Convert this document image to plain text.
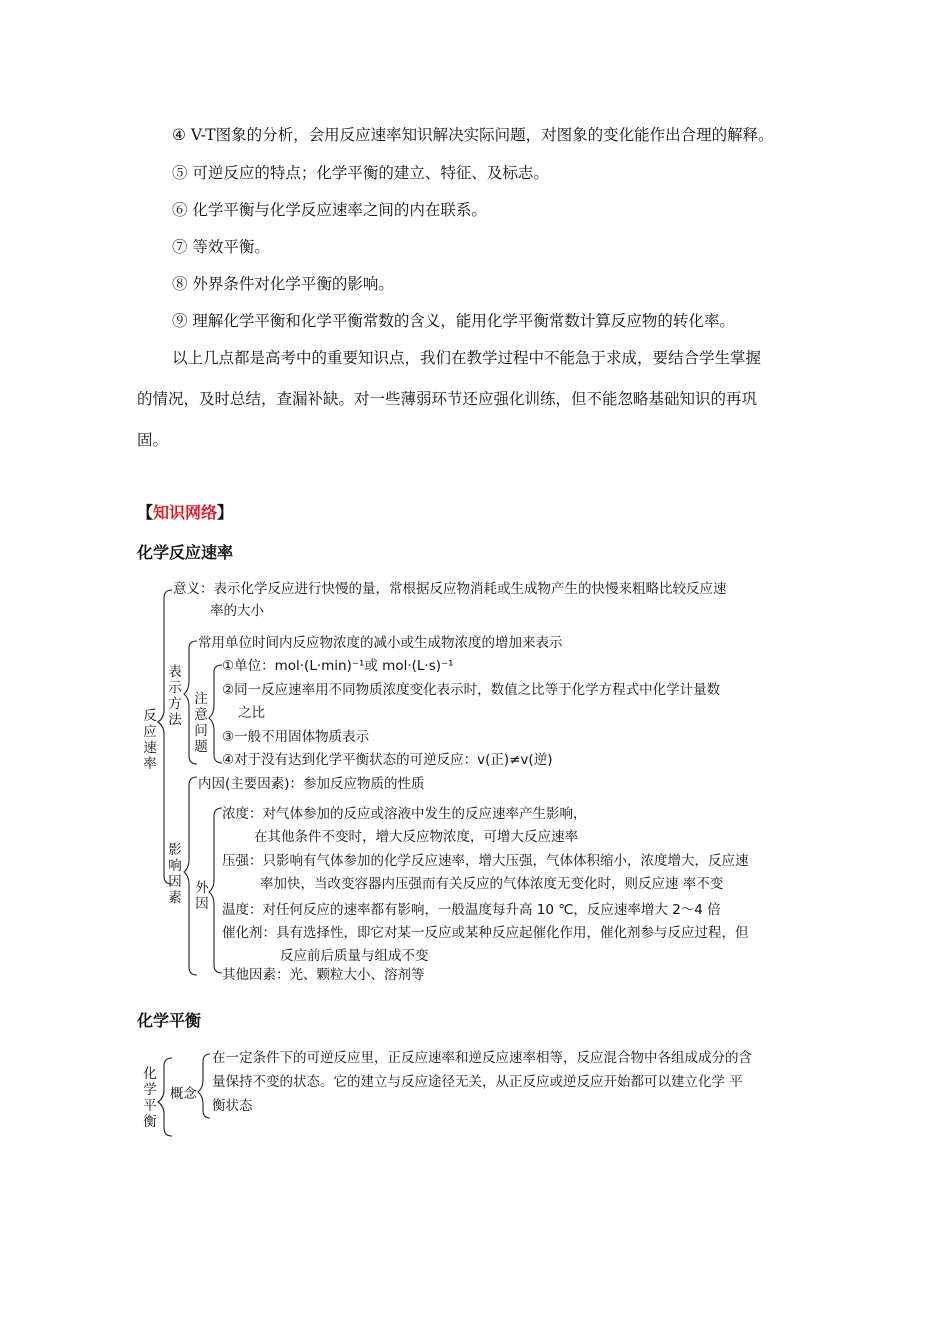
④ V-T图象的分析，会用反应速率知识解决实际问题，对图象的变化能作出合理的解释。
⑤ 可逆反应的特点；化学平衡的建立、特征、及标志。
⑥ 化学平衡与化学反应速率之间的内在联系。
⑦ 等效平衡。
⑧ 外界条件对化学平衡的影响。
⑨ 理解化学平衡和化学平衡常数的含义，能用化学平衡常数计算反应物的转化率。
以上几点都是高考中的重要知识点，我们在教学过程中不能急于求成，要结合学生掌握
的情况，及时总结，查漏补缺。对一些薄弱环节还应强化训练，但不能忽略基础知识的再巩
固。
【知识网络】
化学反应速率
反应速率
表示方法
注意问题
影响因素
外因
意义：表示化学反应进行快慢的量，常根据反应物消耗或生成物产生的快慢来粗略比较反应速
率的大小
常用单位时间内反应物浓度的减小或生成物浓度的增加来表示
①单位：mol·(L·min)⁻¹或 mol·(L·s)⁻¹
②同一反应速率用不同物质浓度变化表示时，数值之比等于化学方程式中化学计量数
之比
③一般不用固体物质表示
④对于没有达到化学平衡状态的可逆反应：v(正)≠v(逆)
内因(主要因素)：参加反应物质的性质
浓度：对气体参加的反应或溶液中发生的反应速率产生影响，
在其他条件不变时，增大反应物浓度，可增大反应速率
压强：只影响有气体参加的化学反应速率，增大压强，气体体积缩小，浓度增大，反应速
率加快，当改变容器内压强而有关反应的气体浓度无变化时，则反应速 率不变
温度：对任何反应的速率都有影响，一般温度每升高 10 ℃，反应速率增大 2～4 倍
催化剂：具有选择性，即它对某一反应或某种反应起催化作用，催化剂参与反应过程，但
反应前后质量与组成不变
其他因素：光、颗粒大小、溶剂等
化学平衡
化学平衡
概念
在一定条件下的可逆反应里，正反应速率和逆反应速率相等，反应混合物中各组成成分的含
量保持不变的状态。它的建立与反应途径无关，从正反应或逆反应开始都可以建立化学 平
衡状态
